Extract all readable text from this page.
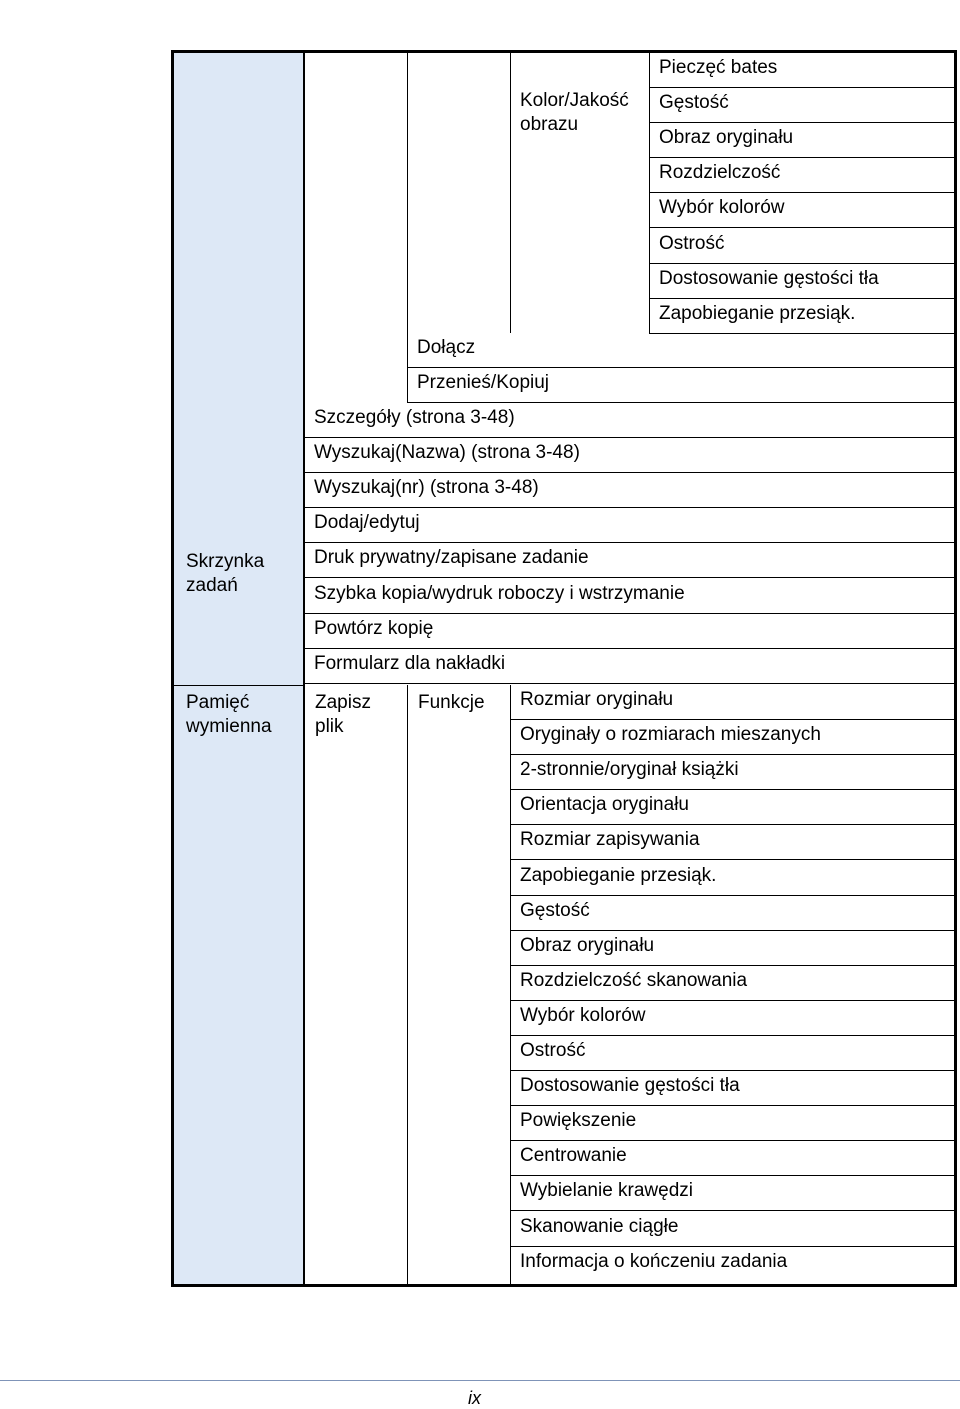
Skrzynka
zadań
Pamięć
wymienna
Kolor/Jakość
obrazu
Pieczęć bates
Gęstość
Obraz oryginału
Rozdzielczość
Wybór kolorów
Ostrość
Dostosowanie gęstości tła
Zapobieganie przesiąk.
Dołącz
Przenieś/Kopiuj
Szczegóły (strona 3-48)
Wyszukaj(Nazwa) (strona 3-48)
Wyszukaj(nr) (strona 3-48)
Dodaj/edytuj
Druk prywatny/zapisane zadanie
Szybka kopia/wydruk roboczy i wstrzymanie
Powtórz kopię
Formularz dla nakładki
Zapisz
plik
Funkcje	Rozmiar oryginału
Oryginały o rozmiarach mieszanych
2-stronnie/oryginał książki
Orientacja oryginału
Rozmiar zapisywania
Zapobieganie przesiąk.
Gęstość
Obraz oryginału
Rozdzielczość skanowania
Wybór kolorów
Ostrość
Dostosowanie gęstości tła
Powiększenie
Centrowanie
Wybielanie krawędzi
Skanowanie ciągłe
Informacja o kończeniu zadania
ix
